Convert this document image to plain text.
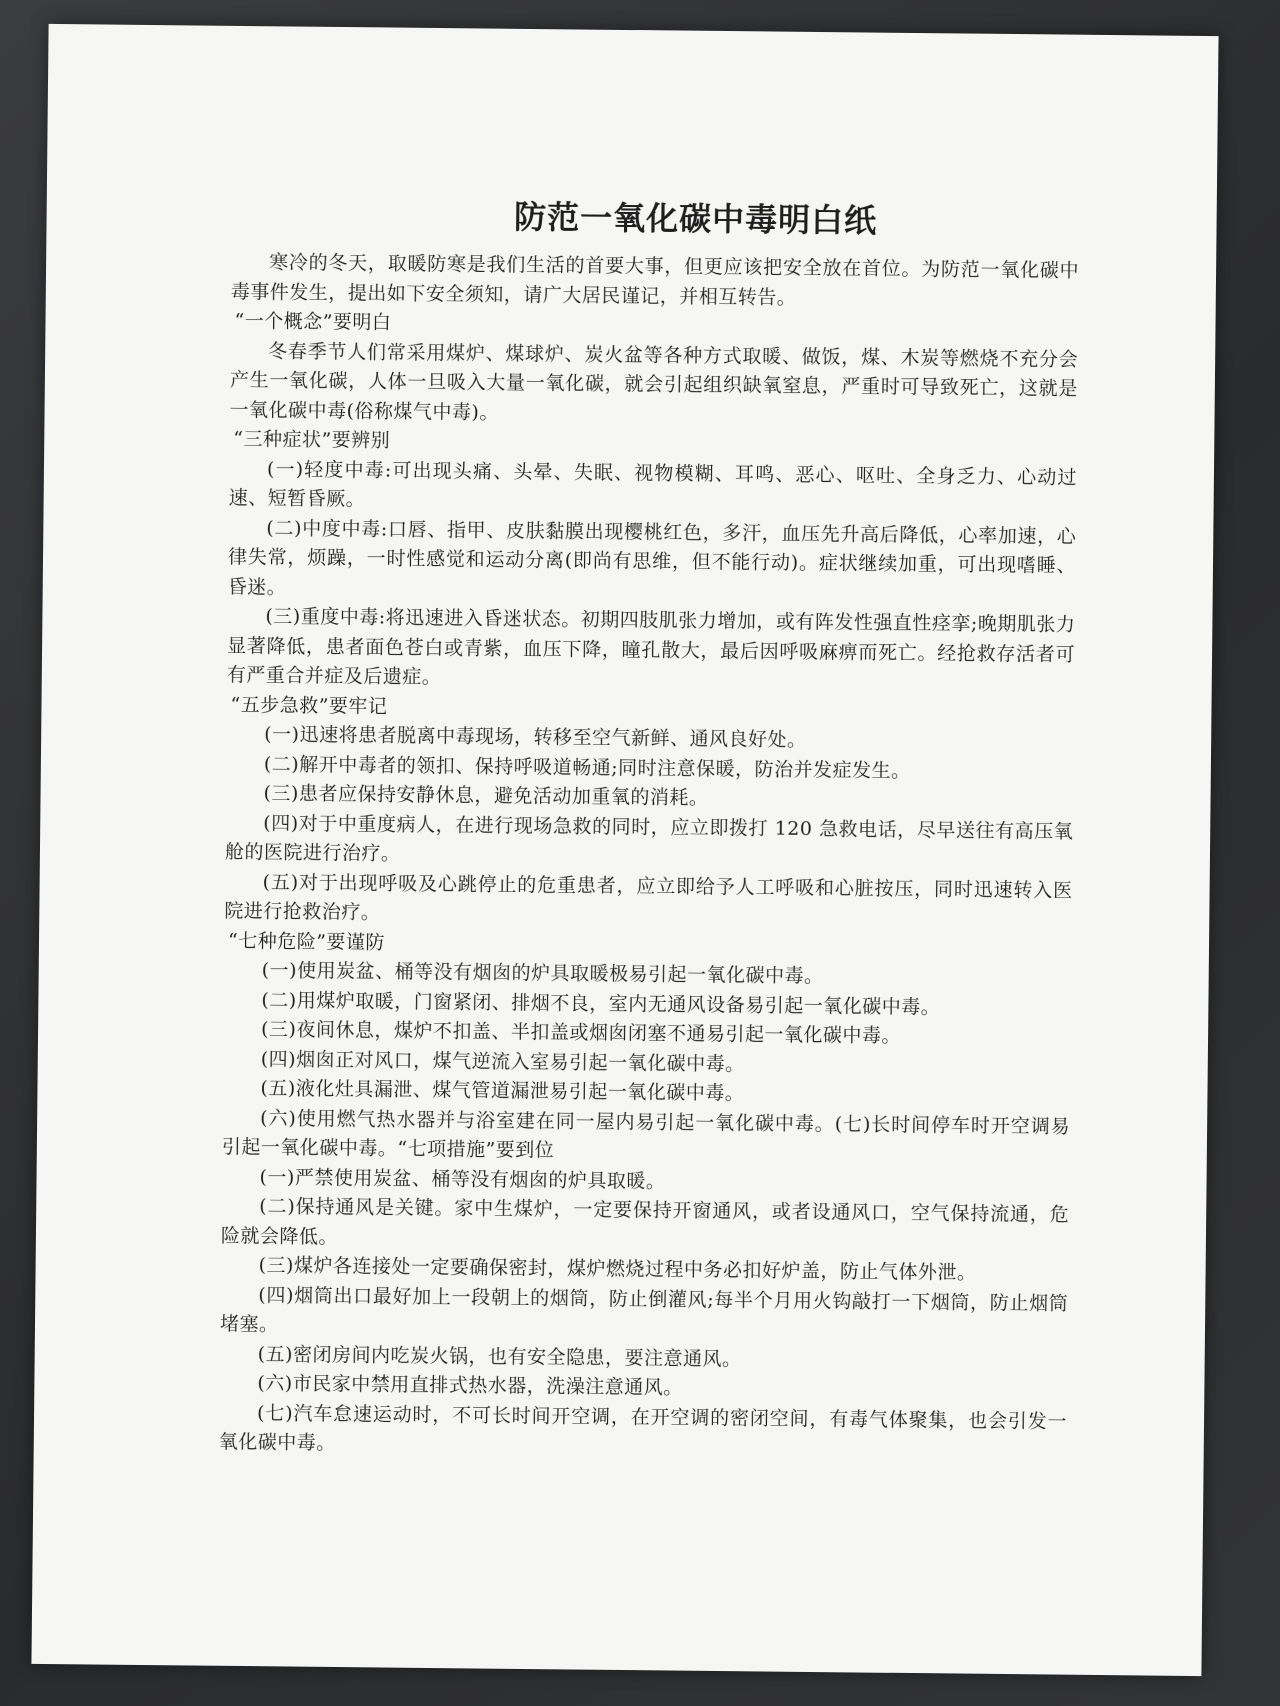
防范一氧化碳中毒明白纸

寒冷的冬天，取暖防寒是我们生活的首要大事，但更应该把安全放在首位。为防范一氧化碳中毒事件发生，提出如下安全须知，请广大居民谨记，并相互转告。

“一个概念”要明白

冬春季节人们常采用煤炉、煤球炉、炭火盆等各种方式取暖、做饭，煤、木炭等燃烧不充分会产生一氧化碳，人体一旦吸入大量一氧化碳，就会引起组织缺氧窒息，严重时可导致死亡，这就是一氧化碳中毒(俗称煤气中毒)。

“三种症状”要辨别

(一)轻度中毒:可出现头痛、头晕、失眠、视物模糊、耳鸣、恶心、呕吐、全身乏力、心动过速、短暂昏厥。

(二)中度中毒:口唇、指甲、皮肤黏膜出现樱桃红色，多汗，血压先升高后降低，心率加速，心律失常，烦躁，一时性感觉和运动分离(即尚有思维，但不能行动)。症状继续加重，可出现嗜睡、昏迷。

(三)重度中毒:将迅速进入昏迷状态。初期四肢肌张力增加，或有阵发性强直性痉挛;晚期肌张力显著降低，患者面色苍白或青紫，血压下降，瞳孔散大，最后因呼吸麻痹而死亡。经抢救存活者可有严重合并症及后遗症。

“五步急救”要牢记

(一)迅速将患者脱离中毒现场，转移至空气新鲜、通风良好处。

(二)解开中毒者的领扣、保持呼吸道畅通;同时注意保暖，防治并发症发生。

(三)患者应保持安静休息，避免活动加重氧的消耗。

(四)对于中重度病人，在进行现场急救的同时，应立即拨打 120 急救电话，尽早送往有高压氧舱的医院进行治疗。

(五)对于出现呼吸及心跳停止的危重患者，应立即给予人工呼吸和心脏按压，同时迅速转入医院进行抢救治疗。

“七种危险”要谨防

(一)使用炭盆、桶等没有烟囱的炉具取暖极易引起一氧化碳中毒。

(二)用煤炉取暖，门窗紧闭、排烟不良，室内无通风设备易引起一氧化碳中毒。

(三)夜间休息，煤炉不扣盖、半扣盖或烟囱闭塞不通易引起一氧化碳中毒。

(四)烟囱正对风口，煤气逆流入室易引起一氧化碳中毒。

(五)液化灶具漏泄、煤气管道漏泄易引起一氧化碳中毒。

(六)使用燃气热水器并与浴室建在同一屋内易引起一氧化碳中毒。(七)长时间停车时开空调易引起一氧化碳中毒。“七项措施”要到位

(一)严禁使用炭盆、桶等没有烟囱的炉具取暖。

(二)保持通风是关键。家中生煤炉，一定要保持开窗通风，或者设通风口，空气保持流通，危险就会降低。

(三)煤炉各连接处一定要确保密封，煤炉燃烧过程中务必扣好炉盖，防止气体外泄。

(四)烟筒出口最好加上一段朝上的烟筒，防止倒灌风;每半个月用火钩敲打一下烟筒，防止烟筒堵塞。

(五)密闭房间内吃炭火锅，也有安全隐患，要注意通风。

(六)市民家中禁用直排式热水器，洗澡注意通风。

(七)汽车怠速运动时，不可长时间开空调，在开空调的密闭空间，有毒气体聚集，也会引发一氧化碳中毒。
